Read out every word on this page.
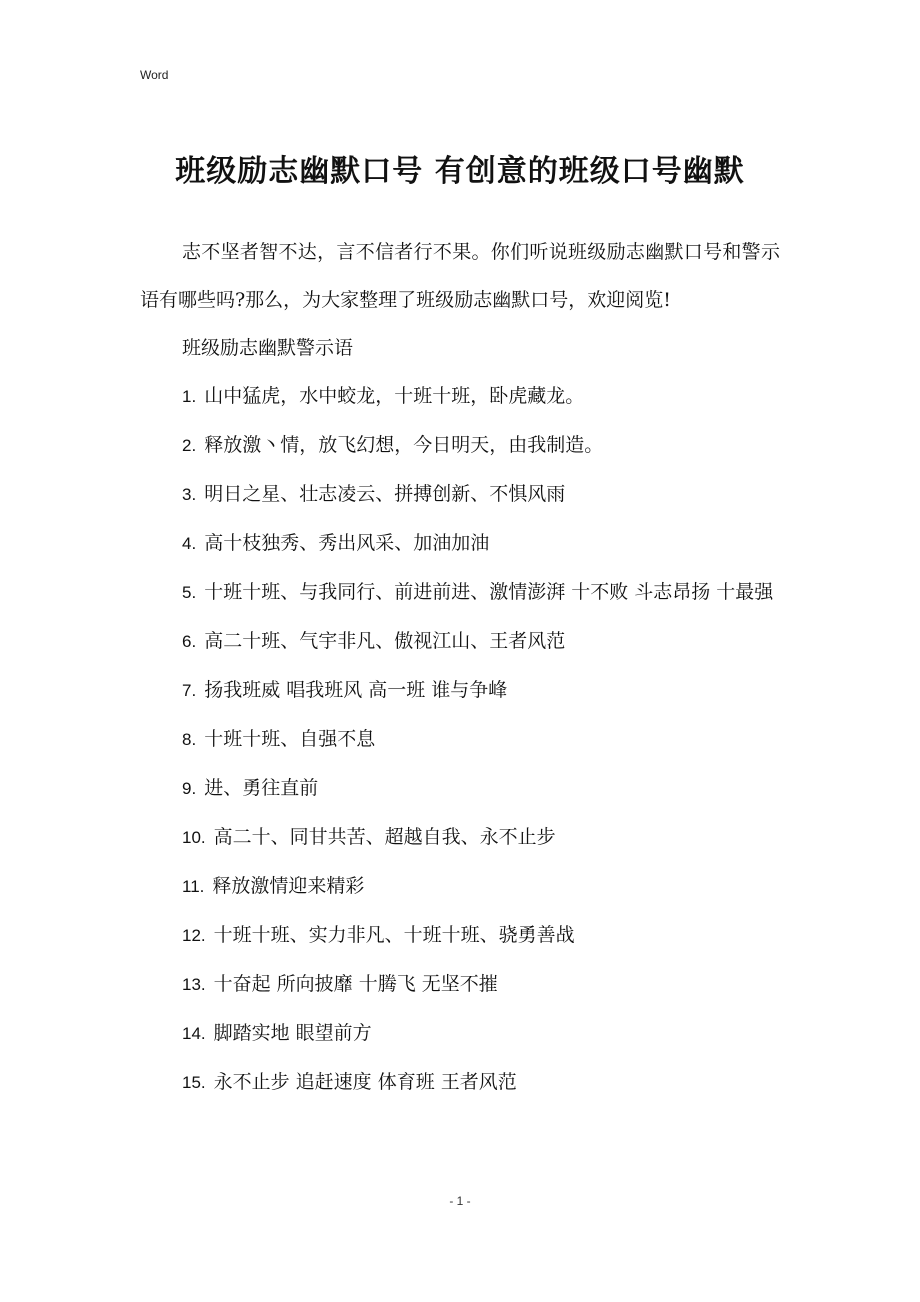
Word
班级励志幽默口号 有创意的班级口号幽默

志不坚者智不达，言不信者行不果。你们听说班级励志幽默口号和警示语有哪些吗?那么，为大家整理了班级励志幽默口号，欢迎阅览!

班级励志幽默警示语

1. 山中猛虎，水中蛟龙，十班十班，卧虎藏龙。

2. 释放激丶情，放飞幻想，今日明天，由我制造。

3. 明日之星、壮志凌云、拼搏创新、不惧风雨

4. 高十枝独秀、秀出风采、加油加油

5. 十班十班、与我同行、前进前进、激情澎湃 十不败 斗志昂扬 十最强

6. 高二十班、气宇非凡、傲视江山、王者风范

7. 扬我班威 唱我班风 高一班 谁与争峰

8. 十班十班、自强不息

9. 进、勇往直前

10. 高二十、同甘共苦、超越自我、永不止步

11. 释放激情迎来精彩

12. 十班十班、实力非凡、十班十班、骁勇善战

13. 十奋起 所向披靡 十腾飞 无坚不摧

14. 脚踏实地 眼望前方

15. 永不止步 追赶速度 体育班 王者风范

- 1 -
